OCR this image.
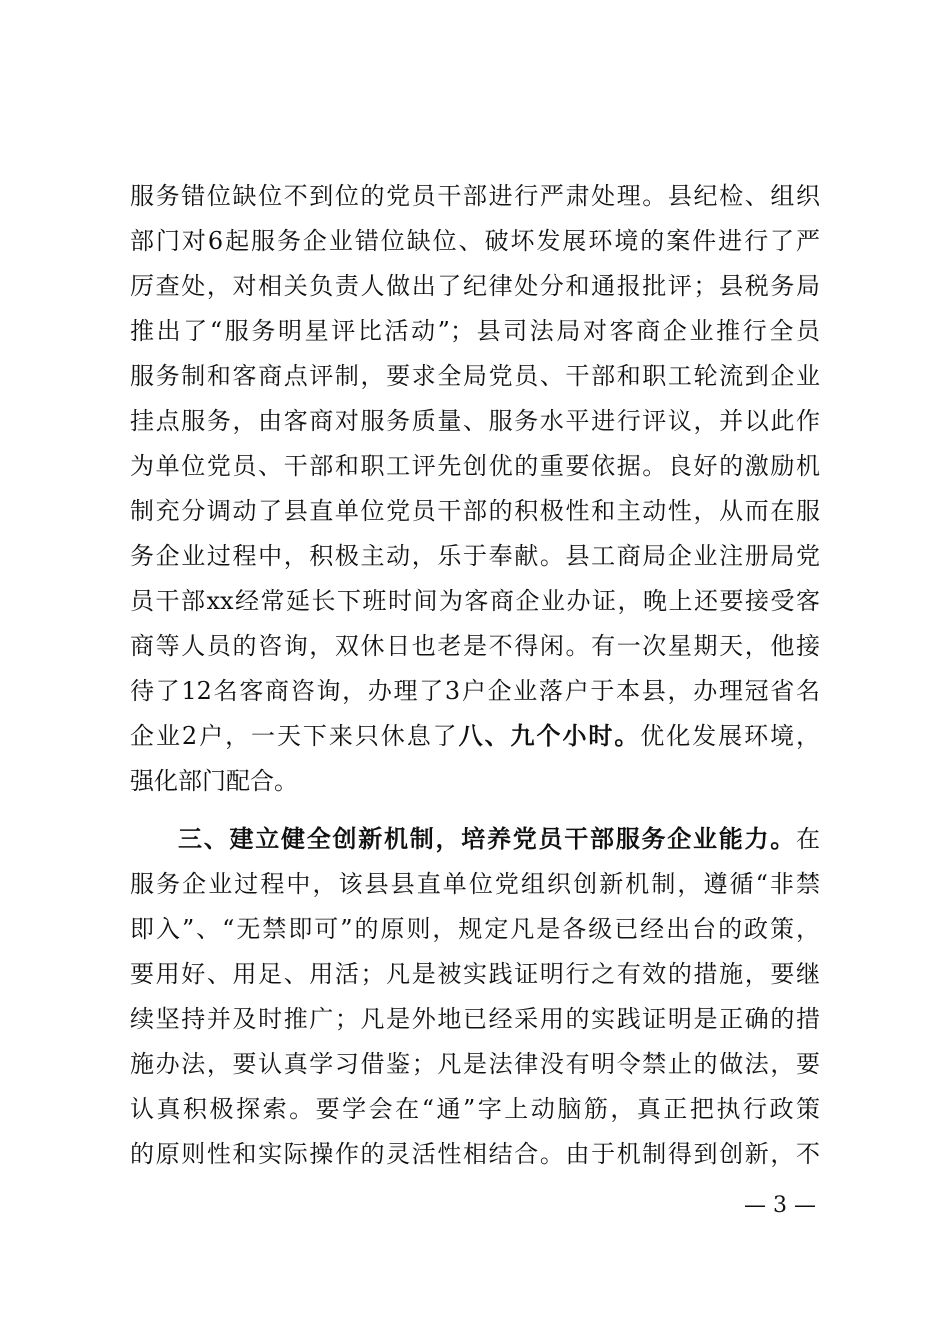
服务错位缺位不到位的党员干部进行严肃处理。县纪检、组织
部门对6起服务企业错位缺位、破坏发展环境的案件进行了严
厉查处，对相关负责人做出了纪律处分和通报批评；县税务局
推出了“服务明星评比活动”；县司法局对客商企业推行全员
服务制和客商点评制，要求全局党员、干部和职工轮流到企业
挂点服务，由客商对服务质量、服务水平进行评议，并以此作
为单位党员、干部和职工评先创优的重要依据。良好的激励机
制充分调动了县直单位党员干部的积极性和主动性，从而在服
务企业过程中，积极主动，乐于奉献。县工商局企业注册局党
员干部xx经常延长下班时间为客商企业办证，晚上还要接受客
商等人员的咨询，双休日也老是不得闲。有一次星期天，他接
待了12名客商咨询，办理了3户企业落户于本县，办理冠省名
企业2户，一天下来只休息了八、九个小时。优化发展环境，
强化部门配合。
三、建立健全创新机制，培养党员干部服务企业能力。在
服务企业过程中，该县县直单位党组织创新机制，遵循“非禁
即入”、“无禁即可”的原则，规定凡是各级已经出台的政策，
要用好、用足、用活；凡是被实践证明行之有效的措施，要继
续坚持并及时推广；凡是外地已经采用的实践证明是正确的措
施办法，要认真学习借鉴；凡是法律没有明令禁止的做法，要
认真积极探索。要学会在“通”字上动脑筋，真正把执行政策
的原则性和实际操作的灵活性相结合。由于机制得到创新，不
— 3 —
